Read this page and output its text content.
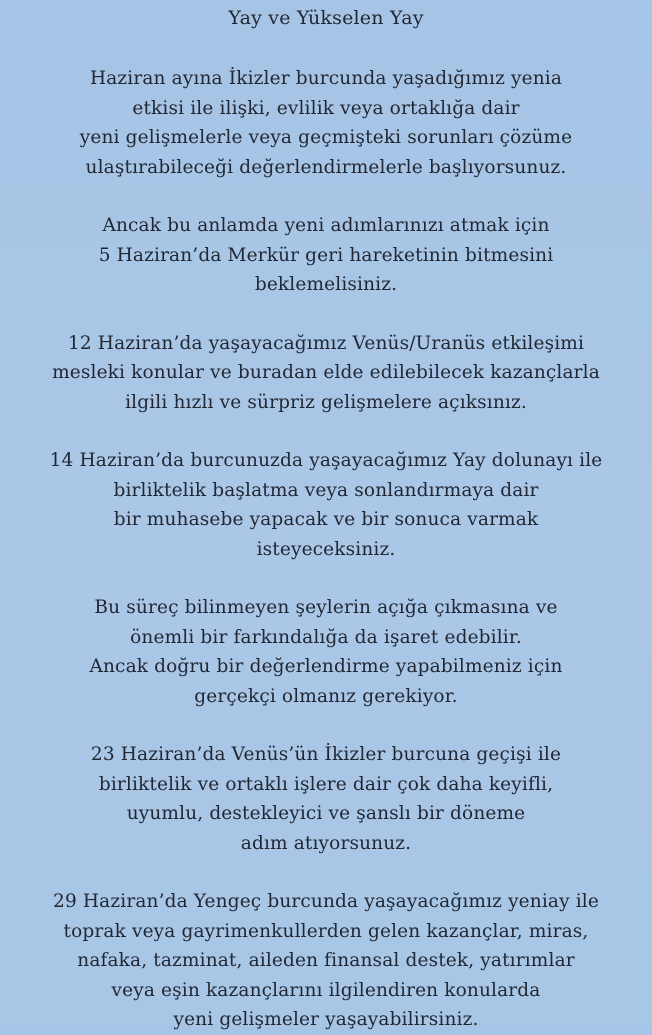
Yay ve Yükselen Yay

Haziran ayına İkizler burcunda yaşadığımız yenia
etkisi ile ilişki, evlilik veya ortaklığa dair
yeni gelişmelerle veya geçmişteki sorunları çözüme
ulaştırabileceği değerlendirmelerle başlıyorsunuz.

Ancak bu anlamda yeni adımlarınızı atmak için
5 Haziran’da Merkür geri hareketinin bitmesini
beklemelisiniz.

12 Haziran’da yaşayacağımız Venüs/Uranüs etkileşimi
mesleki konular ve buradan elde edilebilecek kazançlarla
ilgili hızlı ve sürpriz gelişmelere açıksınız.

14 Haziran’da burcunuzda yaşayacağımız Yay dolunayı ile
birliktelik başlatma veya sonlandırmaya dair
bir muhasebe yapacak ve bir sonuca varmak
isteyeceksiniz.

Bu süreç bilinmeyen şeylerin açığa çıkmasına ve
önemli bir farkındalığa da işaret edebilir.
Ancak doğru bir değerlendirme yapabilmeniz için
gerçekçi olmanız gerekiyor.

23 Haziran’da Venüs’ün İkizler burcuna geçişi ile
birliktelik ve ortaklı işlere dair çok daha keyifli,
uyumlu, destekleyici ve şanslı bir döneme
adım atıyorsunuz.

29 Haziran’da Yengeç burcunda yaşayacağımız yeniay ile
toprak veya gayrimenkullerden gelen kazançlar, miras,
nafaka, tazminat, aileden finansal destek, yatırımlar
veya eşin kazançlarını ilgilendiren konularda
yeni gelişmeler yaşayabilirsiniz.
